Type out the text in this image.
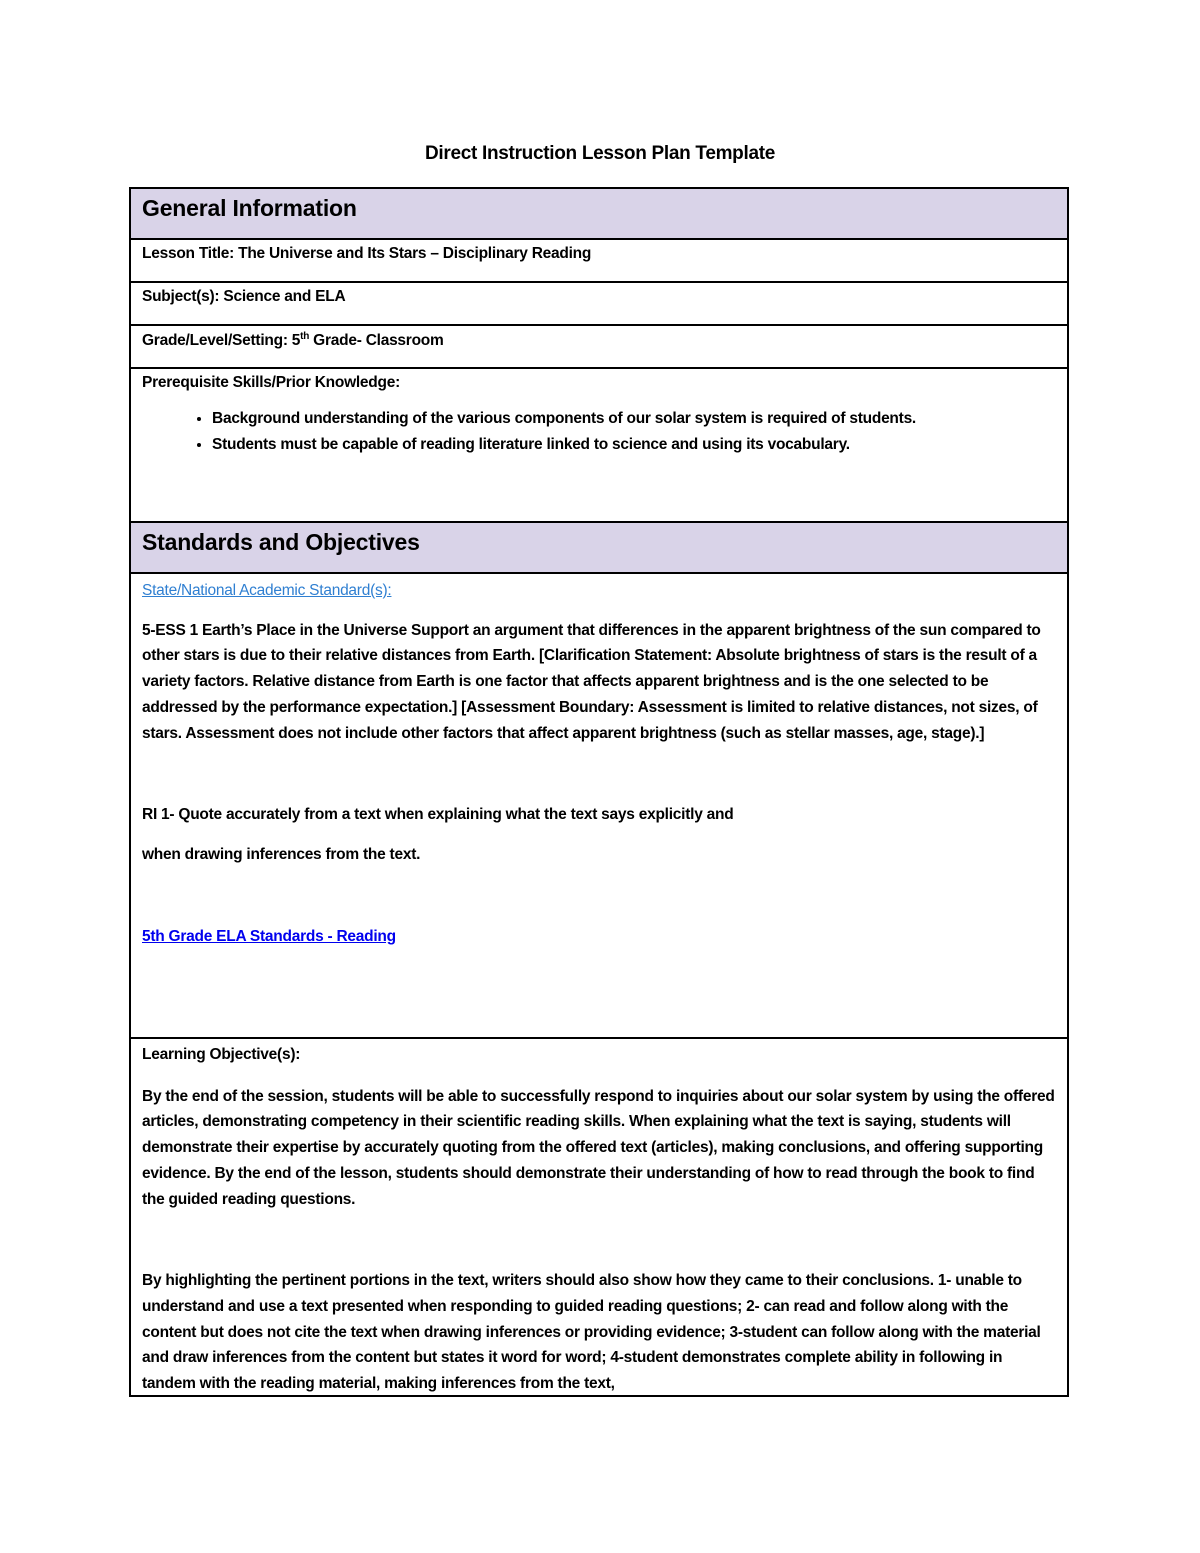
Direct Instruction Lesson Plan Template
General Information
Lesson Title: The Universe and Its Stars – Disciplinary Reading
Subject(s): Science and ELA
Grade/Level/Setting: 5th Grade- Classroom
Prerequisite Skills/Prior Knowledge:
• Background understanding of the various components of our solar system is required of students.
• Students must be capable of reading literature linked to science and using its vocabulary.
Standards and Objectives

State/National Academic Standard(s):

5-ESS 1 Earth’s Place in the Universe Support an argument that differences in the apparent brightness of the sun compared to other stars is due to their relative distances from Earth. [Clarification Statement: Absolute brightness of stars is the result of a variety factors. Relative distance from Earth is one factor that affects apparent brightness and is the one selected to be addressed by the performance expectation.] [Assessment Boundary: Assessment is limited to relative distances, not sizes, of stars. Assessment does not include other factors that affect apparent brightness (such as stellar masses, age, stage).]

RI 1- Quote accurately from a text when explaining what the text says explicitly and

when drawing inferences from the text.

5th Grade ELA Standards - Reading

Learning Objective(s):

By the end of the session, students will be able to successfully respond to inquiries about our solar system by using the offered articles, demonstrating competency in their scientific reading skills. When explaining what the text is saying, students will demonstrate their expertise by accurately quoting from the offered text (articles), making conclusions, and offering supporting evidence. By the end of the lesson, students should demonstrate their understanding of how to read through the book to find the guided reading questions.

By highlighting the pertinent portions in the text, writers should also show how they came to their conclusions. 1- unable to understand and use a text presented when responding to guided reading questions; 2- can read and follow along with the content but does not cite the text when drawing inferences or providing evidence; 3-student can follow along with the material and draw inferences from the content but states it word for word; 4-student demonstrates complete ability in following in tandem with the reading material, making inferences from the text,
